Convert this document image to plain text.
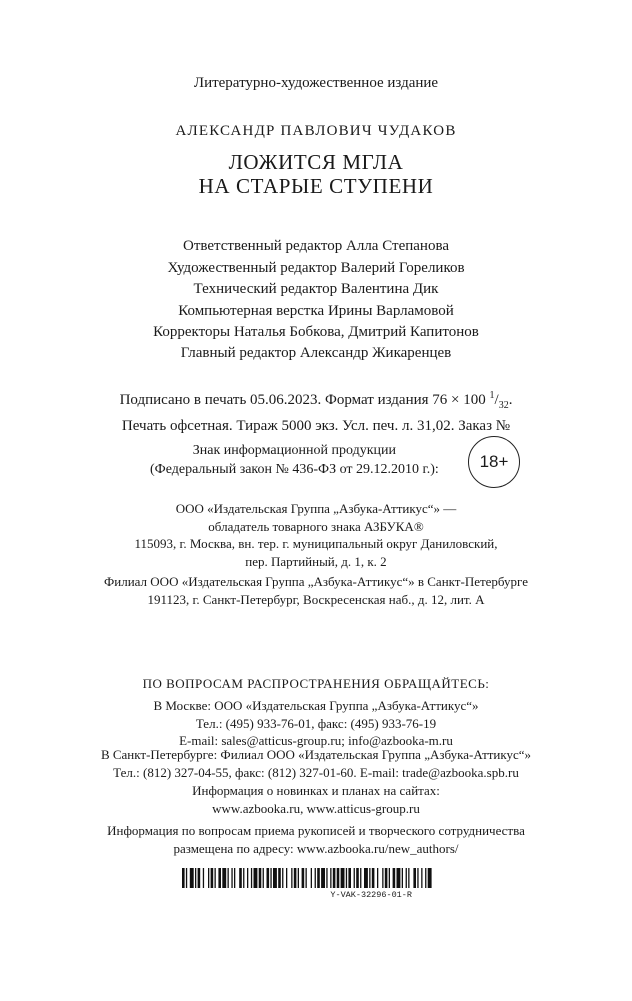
Литературно-художественное издание
АЛЕКСАНДР ПАВЛОВИЧ ЧУДАКОВ
ЛОЖИТСЯ МГЛА
НА СТАРЫЕ СТУПЕНИ
Ответственный редактор Алла Степанова
Художественный редактор Валерий Гореликов
Технический редактор Валентина Дик
Компьютерная верстка Ирины Варламовой
Корректоры Наталья Бобкова, Дмитрий Капитонов
Главный редактор Александр Жикаренцев
Подписано в печать 05.06.2023. Формат издания 76 × 100 $^1/_{32}$.
Печать офсетная. Тираж 5000 экз. Усл. печ. л. 31,02. Заказ №
Знак информационной продукции
(Федеральный закон № 436-ФЗ от 29.12.2010 г.): 18+
ООО «Издательская Группа „Азбука-Аттикус“» —
обладатель товарного знака АЗБУКА®
115093, г. Москва, вн. тер. г. муниципальный округ Даниловский,
пер. Партийный, д. 1, к. 2
Филиал ООО «Издательская Группа „Азбука-Аттикус“» в Санкт-Петербурге
191123, г. Санкт-Петербург, Воскресенская наб., д. 12, лит. А
ПО ВОПРОСАМ РАСПРОСТРАНЕНИЯ ОБРАЩАЙТЕСЬ:
В Москве: ООО «Издательская Группа „Азбука-Аттикус“»
Тел.: (495) 933-76-01, факс: (495) 933-76-19
E-mail: sales@atticus-group.ru; info@azbooka-m.ru
В Санкт-Петербурге: Филиал ООО «Издательская Группа „Азбука-Аттикус“»
Тел.: (812) 327-04-55, факс: (812) 327-01-60. E-mail: trade@azbooka.spb.ru
Информация о новинках и планах на сайтах:
www.azbooka.ru, www.atticus-group.ru
Информация по вопросам приема рукописей и творческого сотрудничества
размещена по адресу: www.azbooka.ru/new_authors/
Y-VAK-32296-01-R
